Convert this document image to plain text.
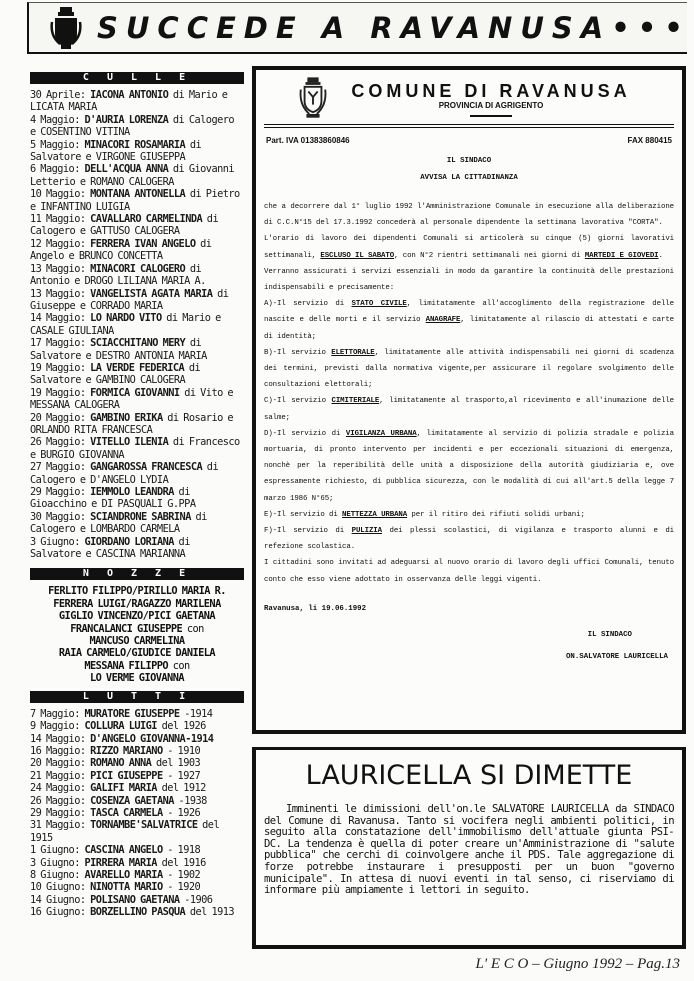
SUCCEDE A RAVANUSA•••
C U L L E
30 Aprile: IACONA ANTONIO di Mario e LICATA MARIA
4 Maggio: D'AURIA LORENZA di Calogero e COSENTINO VITINA
5 Maggio: MINACORI ROSAMARIA di Salvatore e VIRGONE GIUSEPPA
6 Maggio: DELL'ACQUA ANNA di Giovanni Letterio e ROMANO CALOGERA
10 Maggio: MONTANA ANTONELLA di Pietro e INFANTINO LUIGIA
11 Maggio: CAVALLARO CARMELINDA di Calogero e GATTUSO CALOGERA
12 Maggio: FERRERA IVAN ANGELO di Angelo e BRUNCO CONCETTA
13 Maggio: MINACORI CALOGERO di Antonio e DROGO LILIANA MARIA A.
13 Maggio: VANGELISTA AGATA MARIA di Giuseppe e CORRADO MARIA
14 Maggio: LO NARDO VITO di Mario e CASALE GIULIANA
17 Maggio: SCIACCHITANO MERY di Salvatore e DESTRO ANTONIA MARIA
19 Maggio: LA VERDE FEDERICA di Salvatore e GAMBINO CALOGERA
19 Maggio: FORMICA GIOVANNI di Vito e MESSANA CALOGERA
20 Maggio: GAMBINO ERIKA di Rosario e ORLANDO RITA FRANCESCA
26 Maggio: VITELLO ILENIA di Francesco e BURGIO GIOVANNA
27 Maggio: GANGAROSSA FRANCESCA di Calogero e D'ANGELO LYDIA
29 Maggio: IEMMOLO LEANDRA di Gioacchino e DI PASQUALI G.PPA
30 Maggio: SCIANDRONE SABRINA di Calogero e LOMBARDO CARMELA
3 Giugno: GIORDANO LORIANA di Salvatore e CASCINA MARIANNA
N O Z Z E
FERLITO FILIPPO/PIRILLO MARIA R.
FERRERA LUIGI/RAGAZZO MARILENA
GIGLIO VINCENZO/PICI GAETANA
FRANCALANCI GIUSEPPE con
MANCUSO CARMELINA
RAIA CARMELO/GIUDICE DANIELA
MESSANA FILIPPO con
LO VERME GIOVANNA
L U T T I
7 Maggio: MURATORE GIUSEPPE -1914
9 Maggio: COLLURA LUIGI del 1926
14 Maggio: D'ANGELO GIOVANNA-1914
16 Maggio: RIZZO MARIANO - 1910
20 Maggio: ROMANO ANNA del 1903
21 Maggio: PICI GIUSEPPE - 1927
24 Maggio: GALIFI MARIA del 1912
26 Maggio: COSENZA GAETANA -1938
29 Maggio: TASCA CARMELA - 1926
31 Maggio: TORNAMBE'SALVATRICE del 1915
1 Giugno: CASCINA ANGELO - 1918
3 Giugno: PIRRERA MARIA del 1916
8 Giugno: AVARELLO MARIA - 1902
10 Giugno: NINOTTA MARIO - 1920
14 Giugno: POLISANO GAETANA -1906
16 Giugno: BORZELLINO PASQUA del 1913
COMUNE DI RAVANUSA
PROVINCIA DI AGRIGENTO
Part. IVA 01383860846	FAX 880415
IL SINDACO
AVVISA LA CITTADINANZA

che a decorrere dal 1° luglio 1992 l'Amministrazione Comunale in esecuzione alla deliberazione di C.C.N°15 del 17.3.1992 concederà al personale dipendente la settimana lavorativa "CORTA".

L'orario di lavoro dei dipendenti Comunali si articolerà su cinque (5) giorni lavorativi settimanali, ESCLUSO IL SABATO, con N°2 rientri settimanali nei giorni di MARTEDI E GIOVEDI.

Verranno assicurati i servizi essenziali in modo da garantire la continuità delle prestazioni indispensabili e precisamente:

A)-Il servizio di STATO CIVILE, limitatamente all'accoglimento della registrazione delle nascite e delle morti e il servizio ANAGRAFE, limitatamente al rilascio di attestati e carte di identità;

B)-Il servizio ELETTORALE, limitatamente alle attività indispensabili nei giorni di scadenza dei termini, previsti dalla normativa vigente,per assicurare il regolare svolgimento delle consultazioni elettorali;

C)-Il servizio CIMITERIALE, limitatamente al trasporto,al ricevimento e all'inumazione delle salme;

D)-Il servizio di VIGILANZA URBANA, limitatamente al servizio di polizia stradale e polizia mortuaria, di pronto intervento per incidenti e per eccezionali situazioni di emergenza, nonchè per la reperibilità delle unità a disposizione della autorità giudiziaria e, ove espressamente richiesto, di pubblica sicurezza, con le modalità di cui all'art.5 della legge 7 marzo 1986 N°65;

E)-Il servizio di NETTEZZA URBANA per il ritiro dei rifiuti solidi urbani;

F)-Il servizio di PULIZIA dei plessi scolastici, di vigilanza e trasporto alunni e di refezione scolastica.

I cittadini sono invitati ad adeguarsi al nuovo orario di lavoro degli uffici Comunali, tenuto conto che esso viene adottato in osservanza delle leggi vigenti.

Ravanusa, li 19.06.1992
IL SINDACO
ON.SALVATORE LAURICELLA
LAURICELLA SI DIMETTE
Imminenti le dimissioni dell'on.le SALVATORE LAURICELLA da SINDACO del Comune di Ravanusa. Tanto si vocifera negli ambienti politici, in seguito alla constatazione dell'immobilismo dell'attuale giunta PSI-DC. La tendenza è quella di poter creare un'Amministrazione di "salute pubblica" che cerchi di coinvolgere anche il PDS. Tale aggregazione di forze potrebbe instaurare i presupposti per un buon "governo municipale". In attesa di nuovi eventi in tal senso, ci riserviamo di informare più ampiamente i lettori in seguito.
L' E C O – Giugno 1992 – Pag.13
